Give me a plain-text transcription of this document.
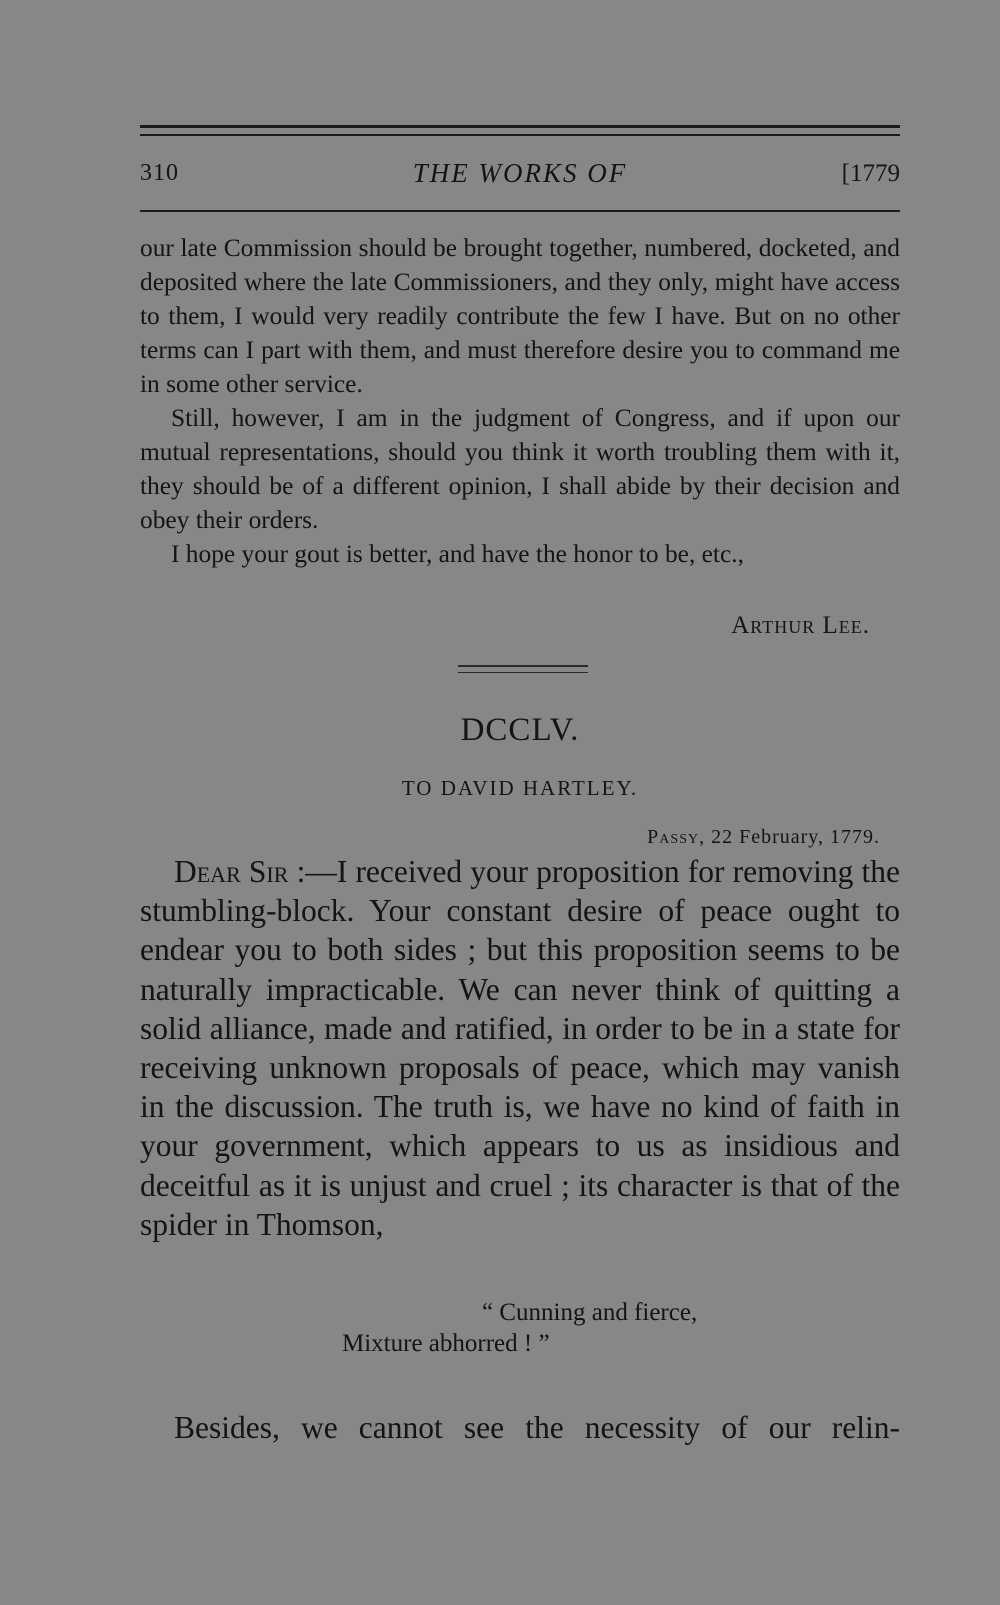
310	THE WORKS OF	[1779

our late Commission should be brought together, numbered, docketed, and deposited where the late Commissioners, and they only, might have access to them, I would very readily contribute the few I have. But on no other terms can I part with them, and must therefore desire you to command me in some other service.

Still, however, I am in the judgment of Congress, and if upon our mutual representations, should you think it worth troubling them with it, they should be of a different opinion, I shall abide by their decision and obey their orders.

I hope your gout is better, and have the honor to be, etc.,

Arthur Lee.
DCCLV.
TO DAVID HARTLEY.
Passy, 22 February, 1779.

Dear Sir :—I received your proposition for removing the stumbling-block. Your constant desire of peace ought to endear you to both sides ; but this proposition seems to be naturally impracticable. We can never think of quitting a solid alliance, made and ratified, in order to be in a state for receiving unknown proposals of peace, which may vanish in the discussion. The truth is, we have no kind of faith in your government, which appears to us as insidious and deceitful as it is unjust and cruel ; its character is that of the spider in Thomson,

“ Cunning and fierce,
Mixture abhorred ! ”
Besides, we cannot see the necessity of our relin-
